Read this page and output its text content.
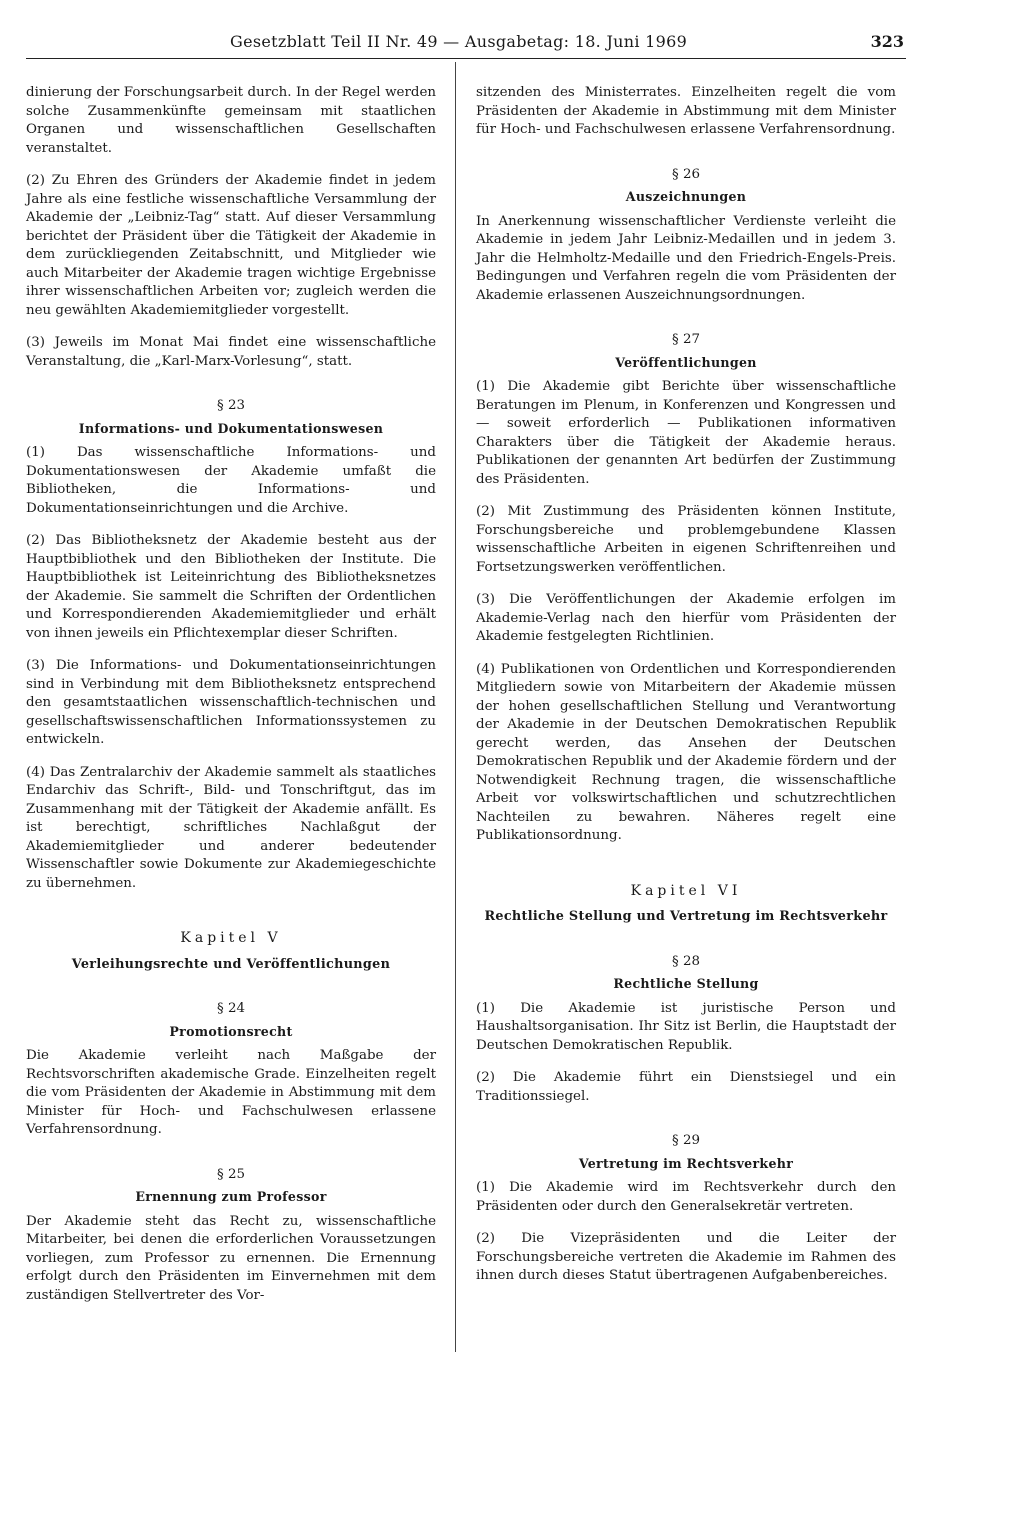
Gesetzblatt Teil II Nr. 49 — Ausgabetag: 18. Juni 1969	323

dinierung der Forschungsarbeit durch. In der Regel werden solche Zusammenkünfte gemeinsam mit staatlichen Organen und wissenschaftlichen Gesellschaften veranstaltet.

(2) Zu Ehren des Gründers der Akademie findet in jedem Jahre als eine festliche wissenschaftliche Versammlung der Akademie der „Leibniz-Tag“ statt. Auf dieser Versammlung berichtet der Präsident über die Tätigkeit der Akademie in dem zurückliegenden Zeitabschnitt, und Mitglieder wie auch Mitarbeiter der Akademie tragen wichtige Ergebnisse ihrer wissenschaftlichen Arbeiten vor; zugleich werden die neu gewählten Akademiemitglieder vorgestellt.

(3) Jeweils im Monat Mai findet eine wissenschaftliche Veranstaltung, die „Karl-Marx-Vorlesung“, statt.

§ 23
Informations- und Dokumentationswesen

(1) Das wissenschaftliche Informations- und Dokumentationswesen der Akademie umfaßt die Bibliotheken, die Informations- und Dokumentationseinrichtungen und die Archive.

(2) Das Bibliotheksnetz der Akademie besteht aus der Hauptbibliothek und den Bibliotheken der Institute. Die Hauptbibliothek ist Leiteinrichtung des Bibliotheksnetzes der Akademie. Sie sammelt die Schriften der Ordentlichen und Korrespondierenden Akademiemitglieder und erhält von ihnen jeweils ein Pflichtexemplar dieser Schriften.

(3) Die Informations- und Dokumentationseinrichtungen sind in Verbindung mit dem Bibliotheksnetz entsprechend den gesamtstaatlichen wissenschaftlich-technischen und gesellschaftswissenschaftlichen Informationssystemen zu entwickeln.

(4) Das Zentralarchiv der Akademie sammelt als staatliches Endarchiv das Schrift-, Bild- und Tonschriftgut, das im Zusammenhang mit der Tätigkeit der Akademie anfällt. Es ist berechtigt, schriftliches Nachlaßgut der Akademiemitglieder und anderer bedeutender Wissenschaftler sowie Dokumente zur Akademiegeschichte zu übernehmen.

Kapitel V
Verleihungsrechte und Veröffentlichungen
§ 24
Promotionsrecht

Die Akademie verleiht nach Maßgabe der Rechtsvorschriften akademische Grade. Einzelheiten regelt die vom Präsidenten der Akademie in Abstimmung mit dem Minister für Hoch- und Fachschulwesen erlassene Verfahrensordnung.

§ 25
Ernennung zum Professor

Der Akademie steht das Recht zu, wissenschaftliche Mitarbeiter, bei denen die erforderlichen Voraussetzungen vorliegen, zum Professor zu ernennen. Die Ernennung erfolgt durch den Präsidenten im Einvernehmen mit dem zuständigen Stellvertreter des Vor-

sitzenden des Ministerrates. Einzelheiten regelt die vom Präsidenten der Akademie in Abstimmung mit dem Minister für Hoch- und Fachschulwesen erlassene Verfahrensordnung.

§ 26
Auszeichnungen

In Anerkennung wissenschaftlicher Verdienste verleiht die Akademie in jedem Jahr Leibniz-Medaillen und in jedem 3. Jahr die Helmholtz-Medaille und den Friedrich-Engels-Preis. Bedingungen und Verfahren regeln die vom Präsidenten der Akademie erlassenen Auszeichnungsordnungen.

§ 27
Veröffentlichungen

(1) Die Akademie gibt Berichte über wissenschaftliche Beratungen im Plenum, in Konferenzen und Kongressen und — soweit erforderlich — Publikationen informativen Charakters über die Tätigkeit der Akademie heraus. Publikationen der genannten Art bedürfen der Zustimmung des Präsidenten.

(2) Mit Zustimmung des Präsidenten können Institute, Forschungsbereiche und problemgebundene Klassen wissenschaftliche Arbeiten in eigenen Schriftenreihen und Fortsetzungswerken veröffentlichen.

(3) Die Veröffentlichungen der Akademie erfolgen im Akademie-Verlag nach den hierfür vom Präsidenten der Akademie festgelegten Richtlinien.

(4) Publikationen von Ordentlichen und Korrespondierenden Mitgliedern sowie von Mitarbeitern der Akademie müssen der hohen gesellschaftlichen Stellung und Verantwortung der Akademie in der Deutschen Demokratischen Republik gerecht werden, das Ansehen der Deutschen Demokratischen Republik und der Akademie fördern und der Notwendigkeit Rechnung tragen, die wissenschaftliche Arbeit vor volkswirtschaftlichen und schutzrechtlichen Nachteilen zu bewahren. Näheres regelt eine Publikationsordnung.

Kapitel VI
Rechtliche Stellung und Vertretung im Rechtsverkehr
§ 28
Rechtliche Stellung

(1) Die Akademie ist juristische Person und Haushaltsorganisation. Ihr Sitz ist Berlin, die Hauptstadt der Deutschen Demokratischen Republik.

(2) Die Akademie führt ein Dienstsiegel und ein Traditionssiegel.

§ 29
Vertretung im Rechtsverkehr

(1) Die Akademie wird im Rechtsverkehr durch den Präsidenten oder durch den Generalsekretär vertreten.

(2) Die Vizepräsidenten und die Leiter der Forschungsbereiche vertreten die Akademie im Rahmen des ihnen durch dieses Statut übertragenen Aufgabenbereiches.
